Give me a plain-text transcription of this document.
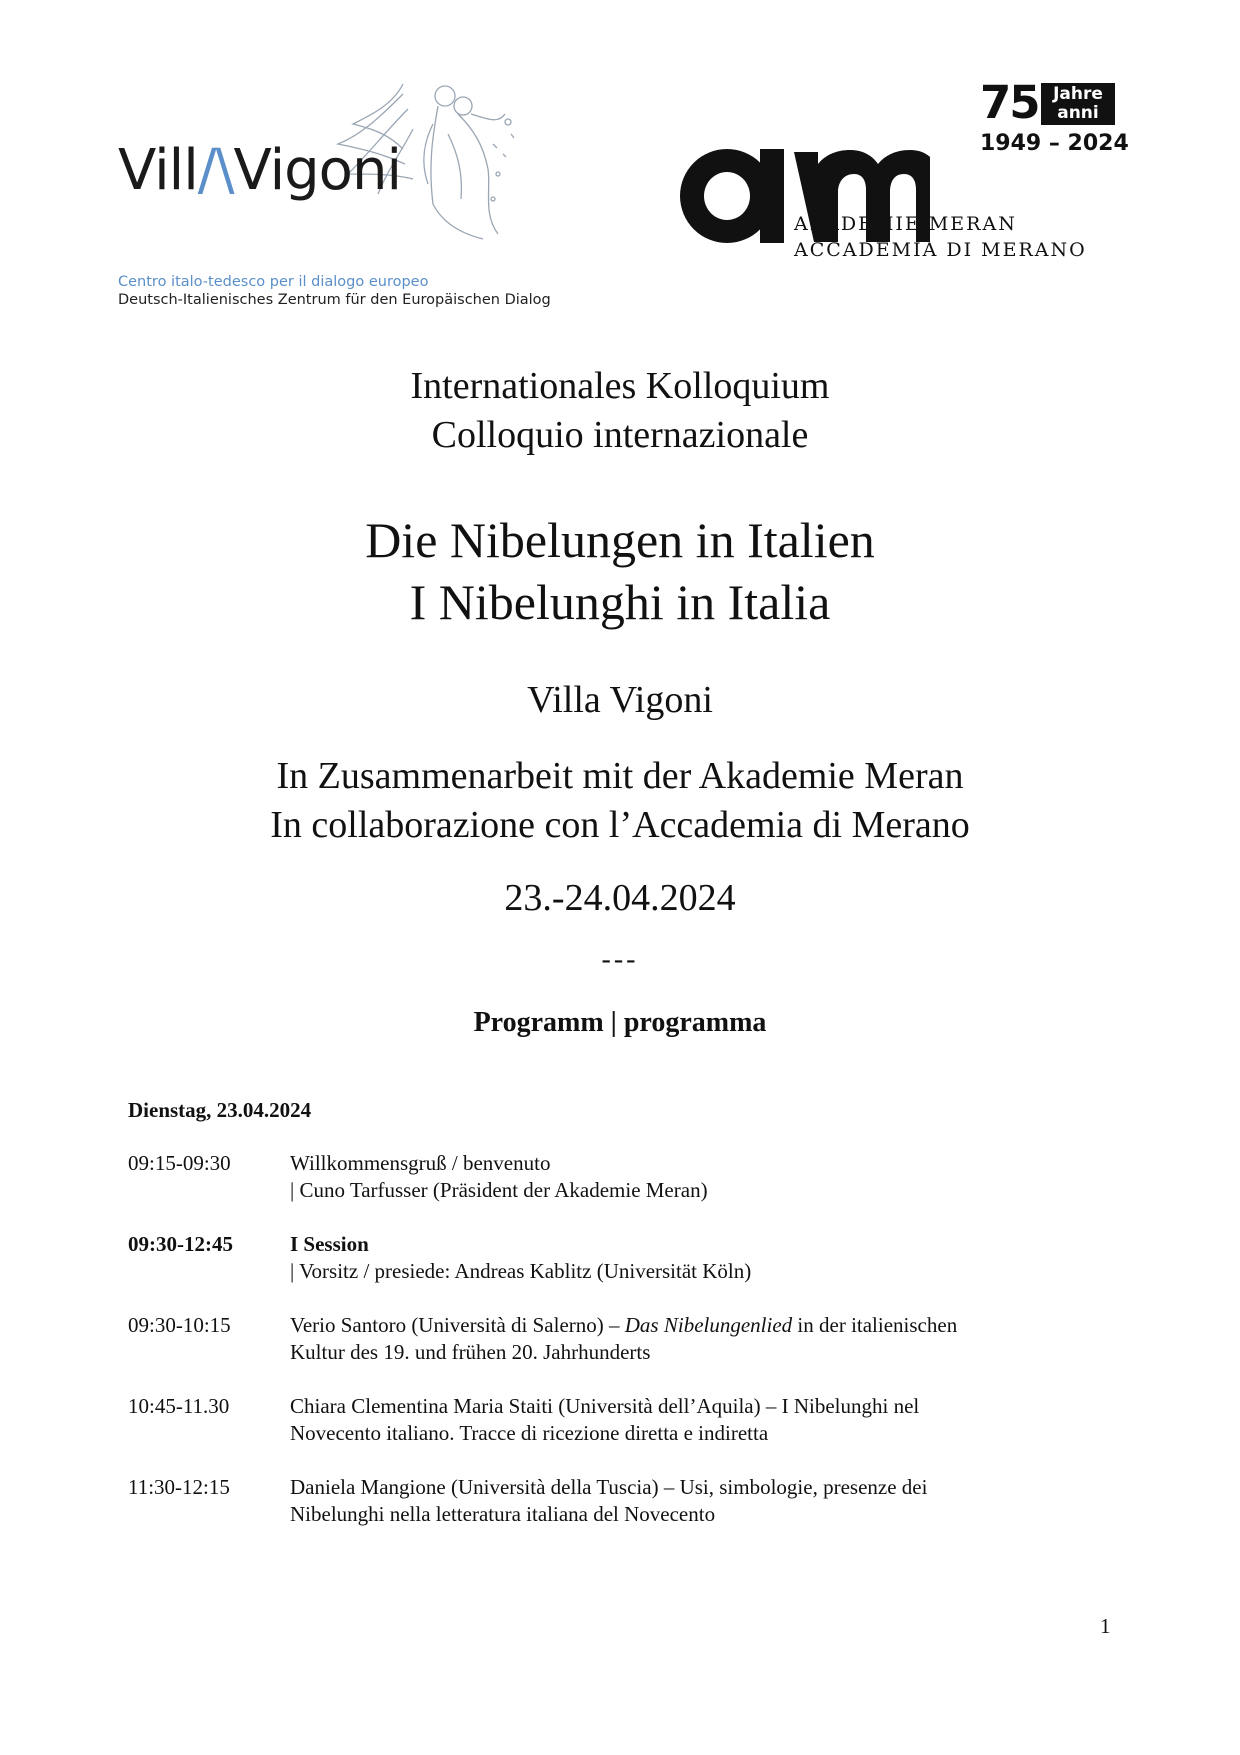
Vill/\Vigoni
Centro italo-tedesco per il dialogo europeo
Deutsch-Italienisches Zentrum für den Europäischen Dialog
AKADEMIE MERAN
ACCADEMIA DI MERANO
75 Jahre
anni
1949 – 2024
Internationales Kolloquium
Colloquio internazionale
Die Nibelungen in Italien
I Nibelunghi in Italia
Villa Vigoni
In Zusammenarbeit mit der Akademie Meran
In collaborazione con l’Accademia di Merano
23.-24.04.2024
---
Programm | programma
Dienstag, 23.04.2024
09:15-09:30	Willkommensgruß / benvenuto
| Cuno Tarfusser (Präsident der Akademie Meran)
09:30-12:45	I Session
| Vorsitz / presiede: Andreas Kablitz (Universität Köln)
09:30-10:15	Verio Santoro (Università di Salerno) – Das Nibelungenlied in der italienischen
Kultur des 19. und frühen 20. Jahrhunderts
10:45-11.30	Chiara Clementina Maria Staiti (Università dell’Aquila) – I Nibelunghi nel
Novecento italiano. Tracce di ricezione diretta e indiretta
11:30-12:15	Daniela Mangione (Università della Tuscia) – Usi, simbologie, presenze dei
Nibelunghi nella letteratura italiana del Novecento
1
